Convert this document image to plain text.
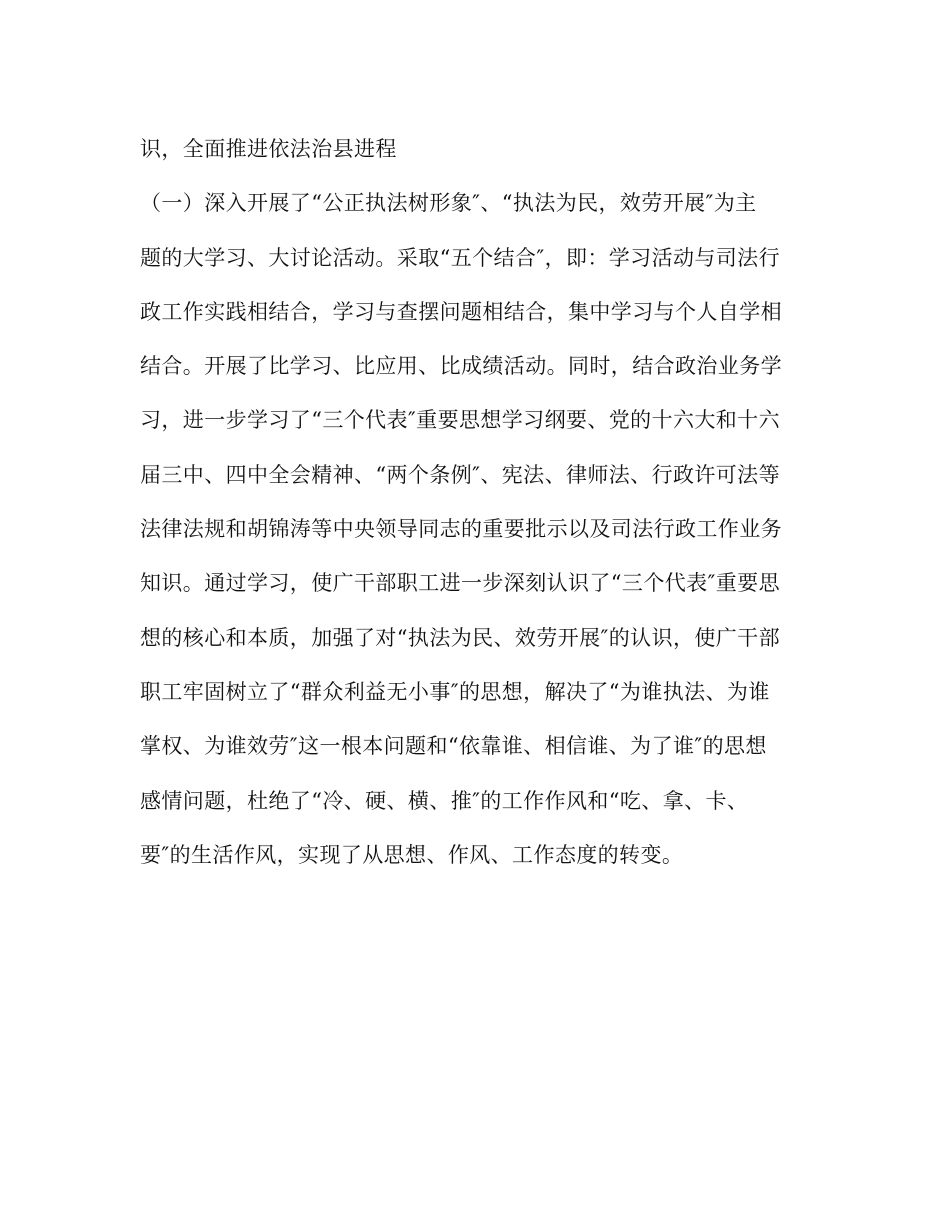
识，全面推进依法治县进程
（一）深入开展了“公正执法树形象″、“执法为民，效劳开展″为主
题的大学习、大讨论活动。采取“五个结合″，即：学习活动与司法行
政工作实践相结合，学习与查摆问题相结合，集中学习与个人自学相
结合。开展了比学习、比应用、比成绩活动。同时，结合政治业务学
习，进一步学习了“三个代表″重要思想学习纲要、党的十六大和十六
届三中、四中全会精神、“两个条例″、宪法、律师法、行政许可法等
法律法规和胡锦涛等中央领导同志的重要批示以及司法行政工作业务
知识。通过学习，使广干部职工进一步深刻认识了“三个代表″重要思
想的核心和本质，加强了对“执法为民、效劳开展″的认识，使广干部
职工牢固树立了“群众利益无小事″的思想，解决了“为谁执法、为谁
掌权、为谁效劳″这一根本问题和“依靠谁、相信谁、为了谁″的思想
感情问题，杜绝了“冷、硬、横、推″的工作作风和“吃、拿、卡、
要″的生活作风，实现了从思想、作风、工作态度的转变。
